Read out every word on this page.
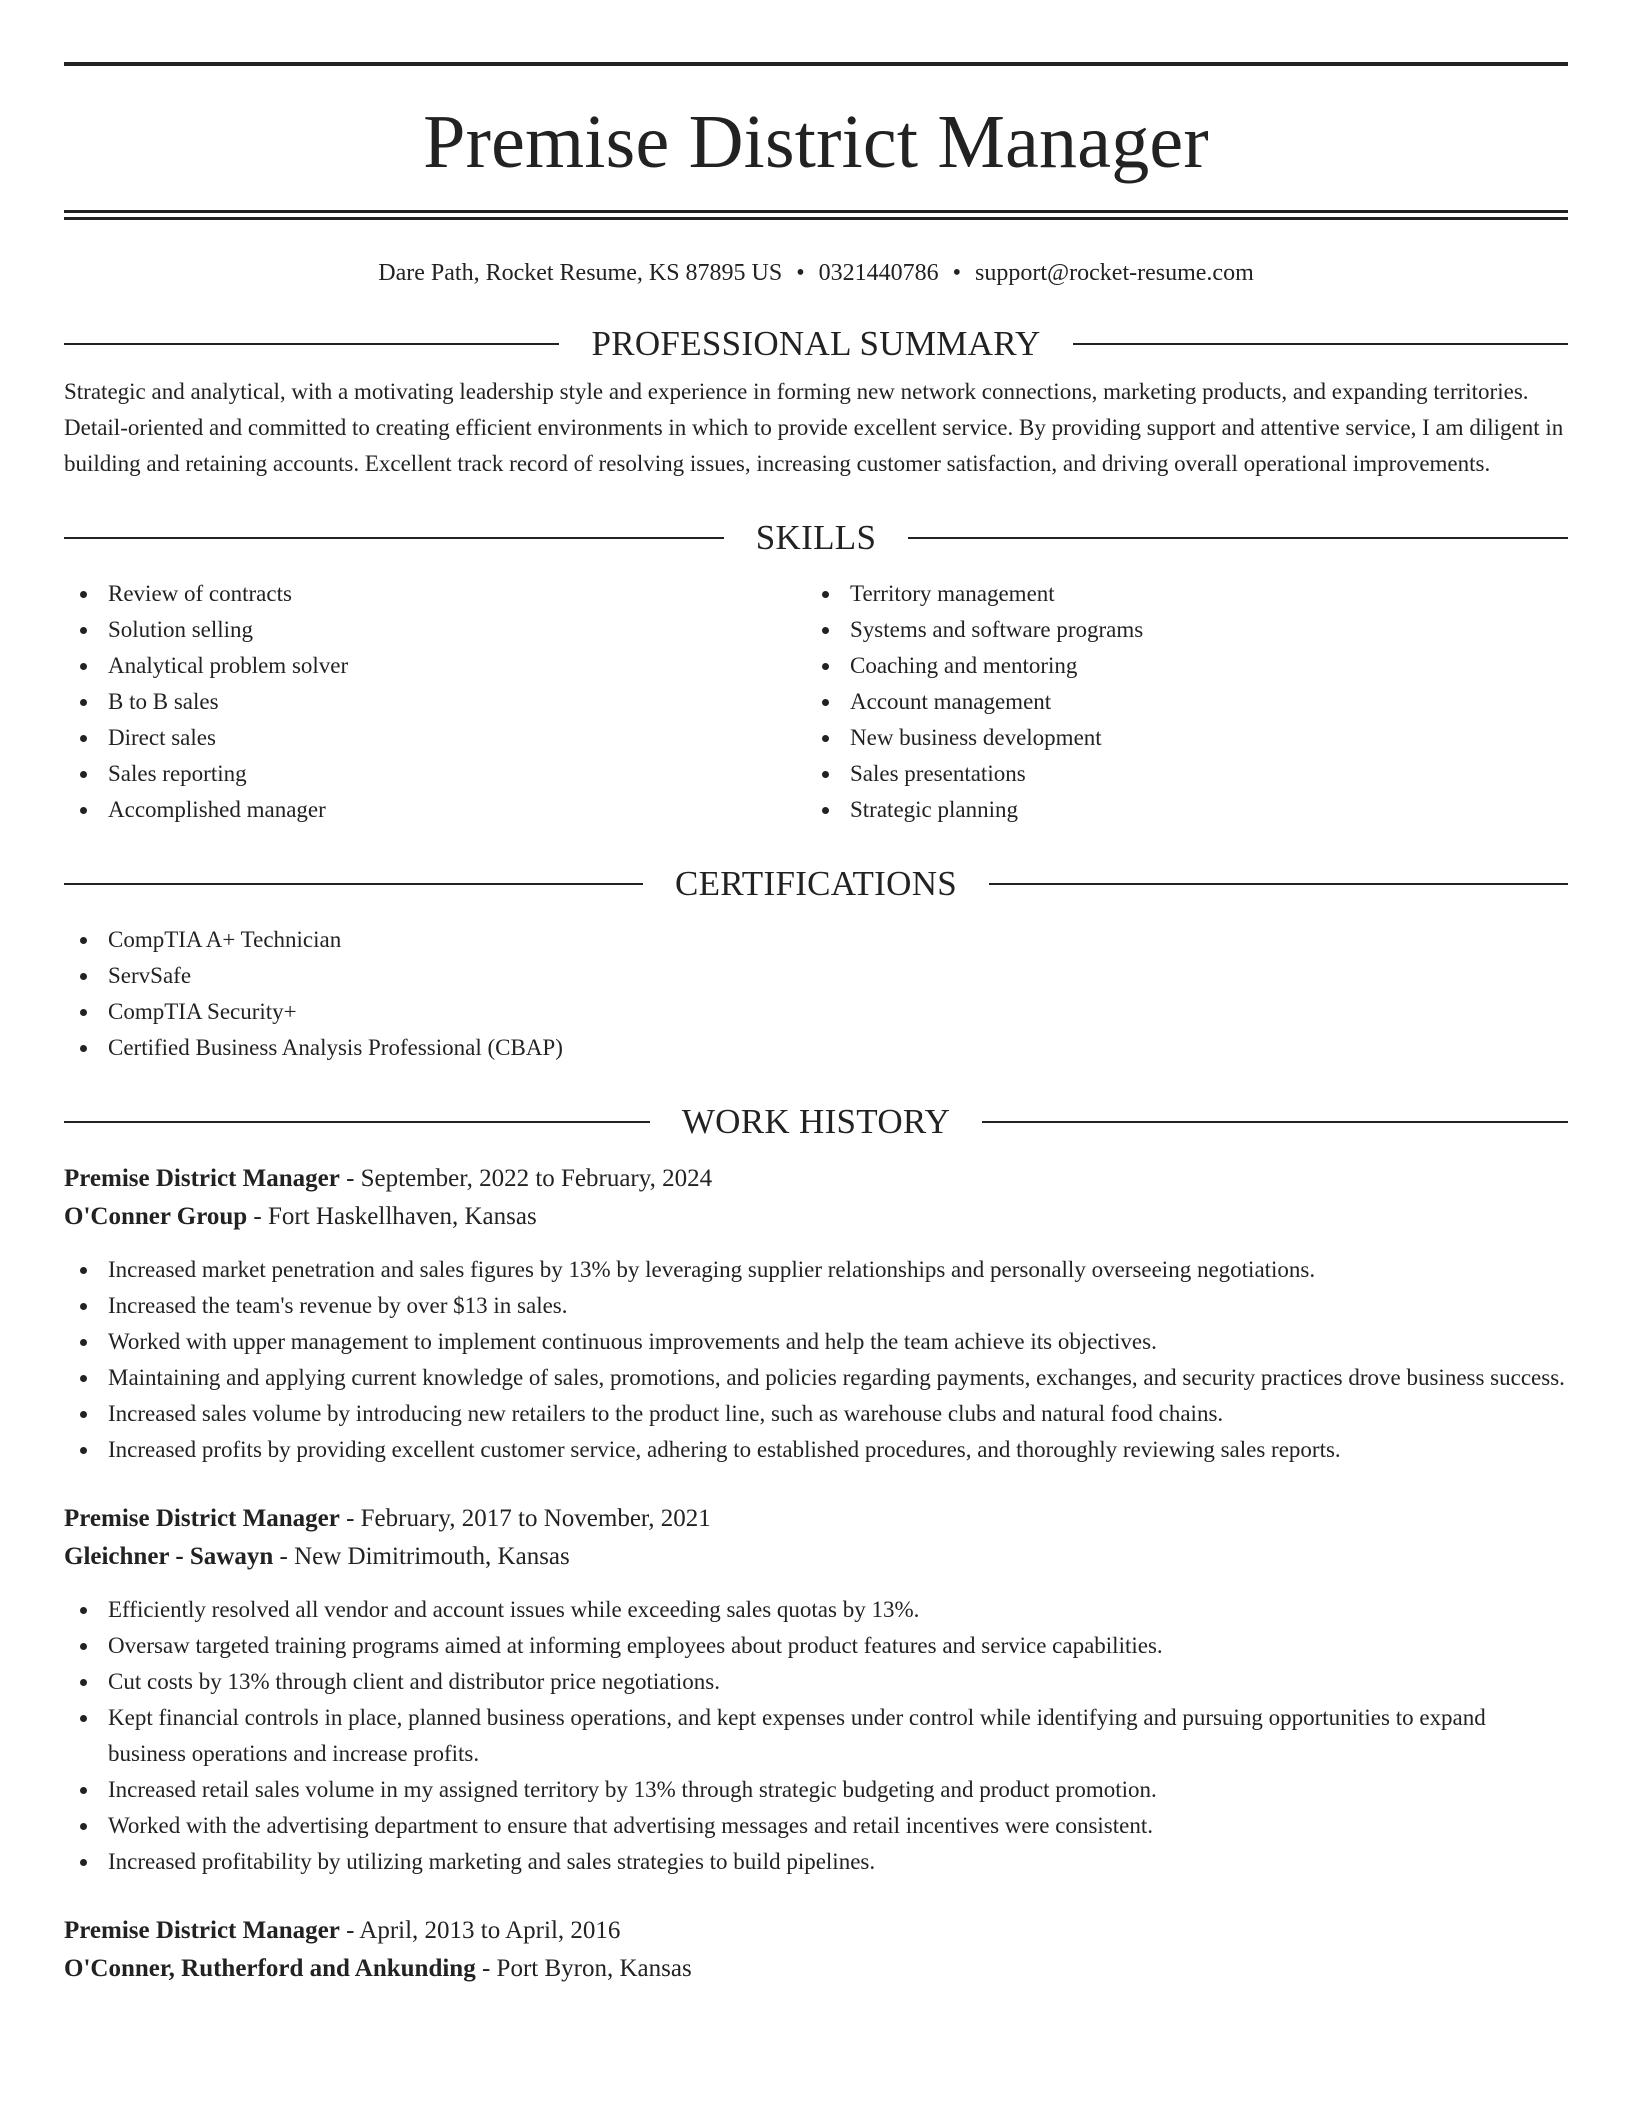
Premise District Manager
Dare Path, Rocket Resume, KS 87895 US • 0321440786 • support@rocket-resume.com
PROFESSIONAL SUMMARY

Strategic and analytical, with a motivating leadership style and experience in forming new network connections, marketing products, and expanding territories. Detail-oriented and committed to creating efficient environments in which to provide excellent service. By providing support and attentive service, I am diligent in building and retaining accounts. Excellent track record of resolving issues, increasing customer satisfaction, and driving overall operational improvements.

SKILLS
Review of contracts
Solution selling
Analytical problem solver
B to B sales
Direct sales
Sales reporting
Accomplished manager
Territory management
Systems and software programs
Coaching and mentoring
Account management
New business development
Sales presentations
Strategic planning
CERTIFICATIONS
CompTIA A+ Technician
ServSafe
CompTIA Security+
Certified Business Analysis Professional (CBAP)
WORK HISTORY
Premise District Manager - September, 2022 to February, 2024
O'Conner Group - Fort Haskellhaven, Kansas
Increased market penetration and sales figures by 13% by leveraging supplier relationships and personally overseeing negotiations.
Increased the team's revenue by over $13 in sales.
Worked with upper management to implement continuous improvements and help the team achieve its objectives.
Maintaining and applying current knowledge of sales, promotions, and policies regarding payments, exchanges, and security practices drove business success.
Increased sales volume by introducing new retailers to the product line, such as warehouse clubs and natural food chains.
Increased profits by providing excellent customer service, adhering to established procedures, and thoroughly reviewing sales reports.
Premise District Manager - February, 2017 to November, 2021
Gleichner - Sawayn - New Dimitrimouth, Kansas
Efficiently resolved all vendor and account issues while exceeding sales quotas by 13%.
Oversaw targeted training programs aimed at informing employees about product features and service capabilities.
Cut costs by 13% through client and distributor price negotiations.
Kept financial controls in place, planned business operations, and kept expenses under control while identifying and pursuing opportunities to expand business operations and increase profits.
Increased retail sales volume in my assigned territory by 13% through strategic budgeting and product promotion.
Worked with the advertising department to ensure that advertising messages and retail incentives were consistent.
Increased profitability by utilizing marketing and sales strategies to build pipelines.
Premise District Manager - April, 2013 to April, 2016
O'Conner, Rutherford and Ankunding - Port Byron, Kansas
